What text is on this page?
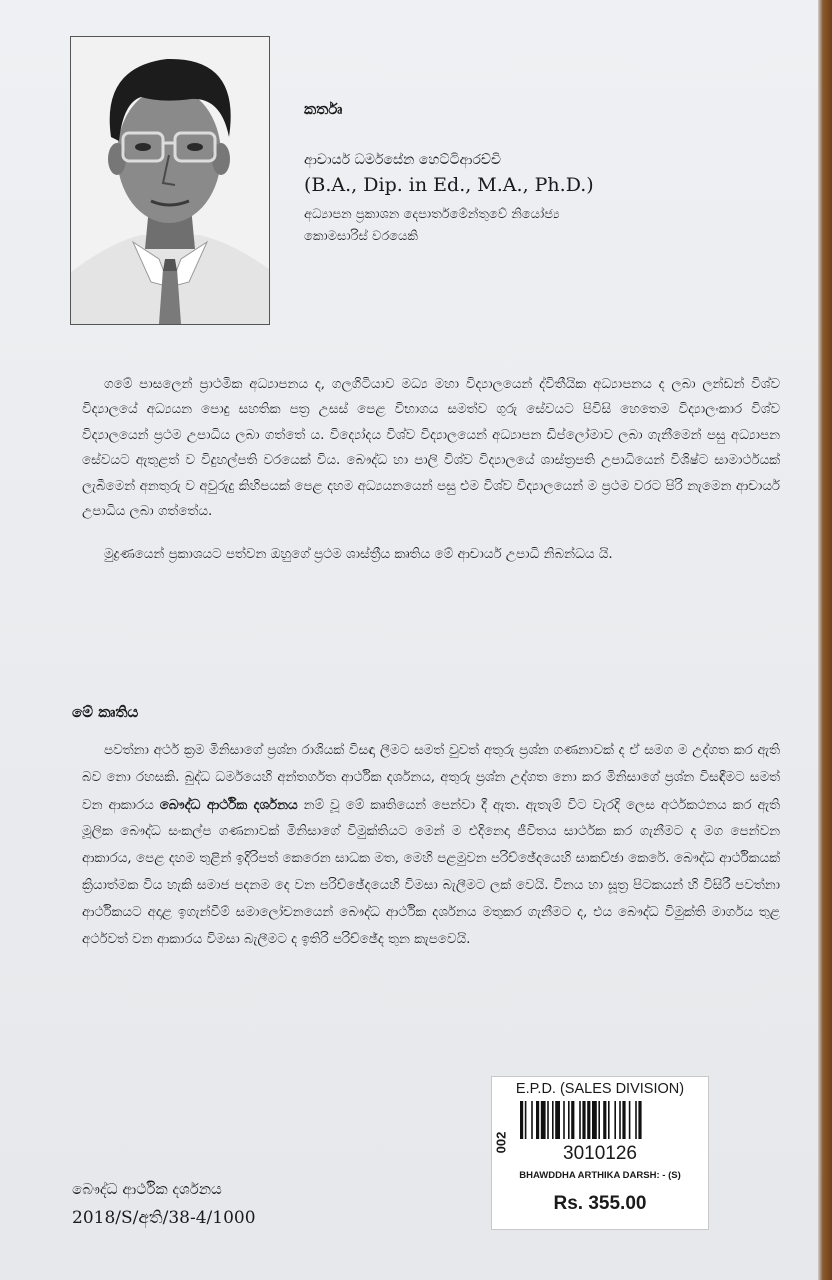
කර්තෘ
ආචාර්ය ධර්මසේන හෙට්ටිආරච්චි
(B.A., Dip. in Ed., M.A., Ph.D.)
අධ්‍යාපන ප්‍රකාශන දෙපාර්තමේන්තුවේ නියෝජ්‍ය
කොමසාරිස් වරයෙකි

ගමේ පාසලෙන් ප්‍රාථමික අධ්‍යාපනය ද, ගලගිටියාව මධ්‍ය මහා විද්‍යාලයෙන් ද්විතීයික අධ්‍යාපනය ද ලබා ලන්ඩන් විශ්ව විද්‍යාලයේ අධ්‍යයන පොදු සහතික පත්‍ර උසස් පෙළ විභාගය සමත්ව ගුරු සේවයට පිවිසි හෙතෙම විද්‍යාලංකාර විශ්ව විද්‍යාලයෙන් ප්‍රථම උපාධිය ලබා ගත්තේ ය. විද්‍යෝදය විශ්ව විද්‍යාලයෙන් අධ්‍යාපන ඩිප්ලෝමාව ලබා ගැනීමෙන් පසු අධ්‍යාපන සේවයට ඇතුළත් ව විදුහල්පති වරයෙක් විය. බෞද්ධ හා පාලි විශ්ව විද්‍යාලයේ ශාස්ත්‍රපති උපාධියෙන් විශිෂ්ට සාමාර්ථයක් ලැබීමෙන් අනතුරු ව අවුරුදු කිහිපයක් පෙළ දහම අධ්‍යයනයෙන් පසු එම විශ්ව විද්‍යාලයෙන් ම ප්‍රථම වරට පිරි නැමෙන ආචාර්ය උපාධිය ලබා ගත්තේය.

මුද්‍රණයෙන් ප්‍රකාශයට පත්වන ඔහුගේ ප්‍රථම ශාස්ත්‍රීය කෘතිය මේ ආචාර්ය උපාධි නිබන්ධය යි.

මේ කෘතිය

පවත්නා අර්ථ ක්‍රම මිනිසාගේ ප්‍රශ්න රාශියක් විසඳා ලීමට සමත් වුවත් අතුරු ප්‍රශ්න ගණනාවක් ද ඒ සමග ම උද්ගත කර ඇති බව නො රහසකි. බුද්ධ ධර්මයෙහි අන්තර්ගත ආර්ථික දර්ශනය, අතුරු ප්‍රශ්න උද්ගත නො කර මිනිසාගේ ප්‍රශ්න විසඳීමට සමත් වන ආකාරය බෞද්ධ ආර්ථික දර්ශනය නම් වූ මේ කෘතියෙන් පෙන්වා දී ඇත. ඇතැම් විට වැරදි ලෙස අර්ථකථනය කර ඇති මූලික බෞද්ධ සංකල්ප ගණනාවක් මිනිසාගේ විමුක්තියට මෙන් ම එදිනෙදා ජීවිතය සාර්ථක කර ගැනීමට ද මග පෙන්වන ආකාරය, පෙළ දහම තුළින් ඉදිරිපත් කෙරෙන සාධක මත, මෙහි පළමුවන පරිච්ඡේදයෙහි සාකච්ඡා කෙරේ. බෞද්ධ ආර්ථිකයක් ක්‍රියාත්මක විය හැකි සමාජ පදනම දෙ වන පරිච්ඡේදයෙහි විමසා බැලීමට ලක් වෙයි. විනය හා සූත්‍ර පිටකයන් හි විසිරී පවත්නා ආර්ථිකයට අදාළ ඉගැන්වීම් සමාලෝචනයෙන් බෞද්ධ ආර්ථික දර්ශනය මතුකර ගැනීමට ද, එය බෞද්ධ විමුක්ති මාර්ගය තුළ අර්ථවත් වන ආකාරය විමසා බැලීමට ද ඉතිරි පරිච්ඡේද තුන කැපවෙයි.

බෞද්ධ ආර්ථික දර්ශනය
2018/S/අති/38-4/1000
E.P.D. (SALES DIVISION)
002
3010126
BHAWDDHA ARTHIKA DARSH: - (S)
Rs. 355.00
